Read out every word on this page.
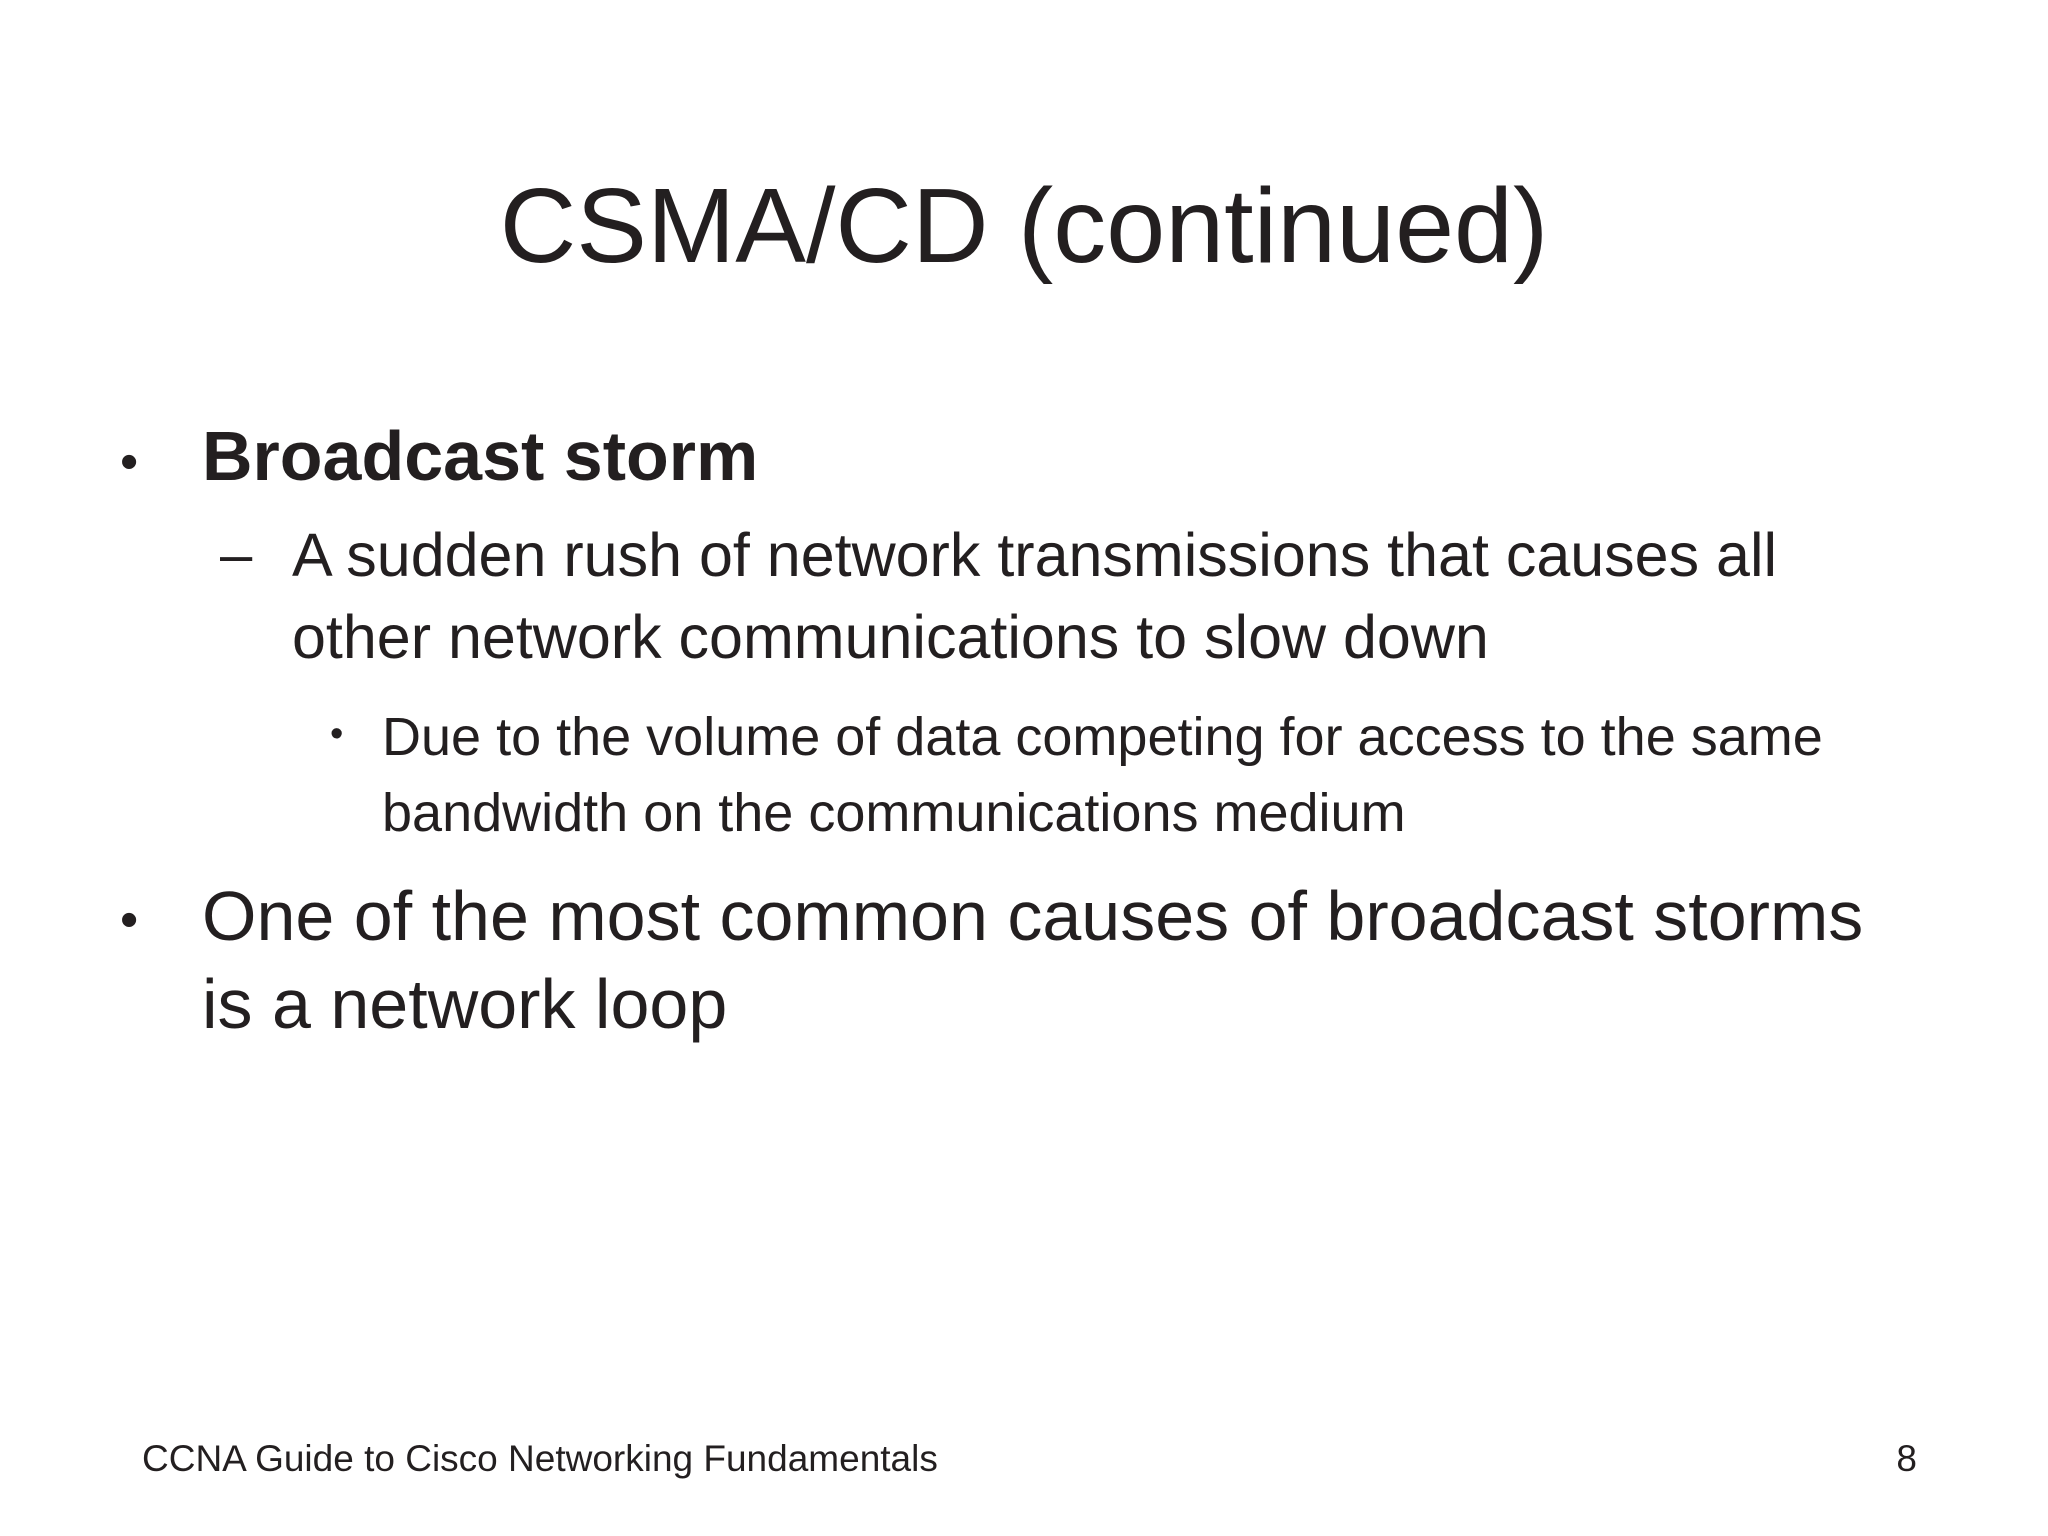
CSMA/CD (continued)
• Broadcast storm
– A sudden rush of network transmissions that causes all other network communications to slow down
• Due to the volume of data competing for access to the same bandwidth on the communications medium
• One of the most common causes of broadcast storms is a network loop
CCNA Guide to Cisco Networking Fundamentals	8
